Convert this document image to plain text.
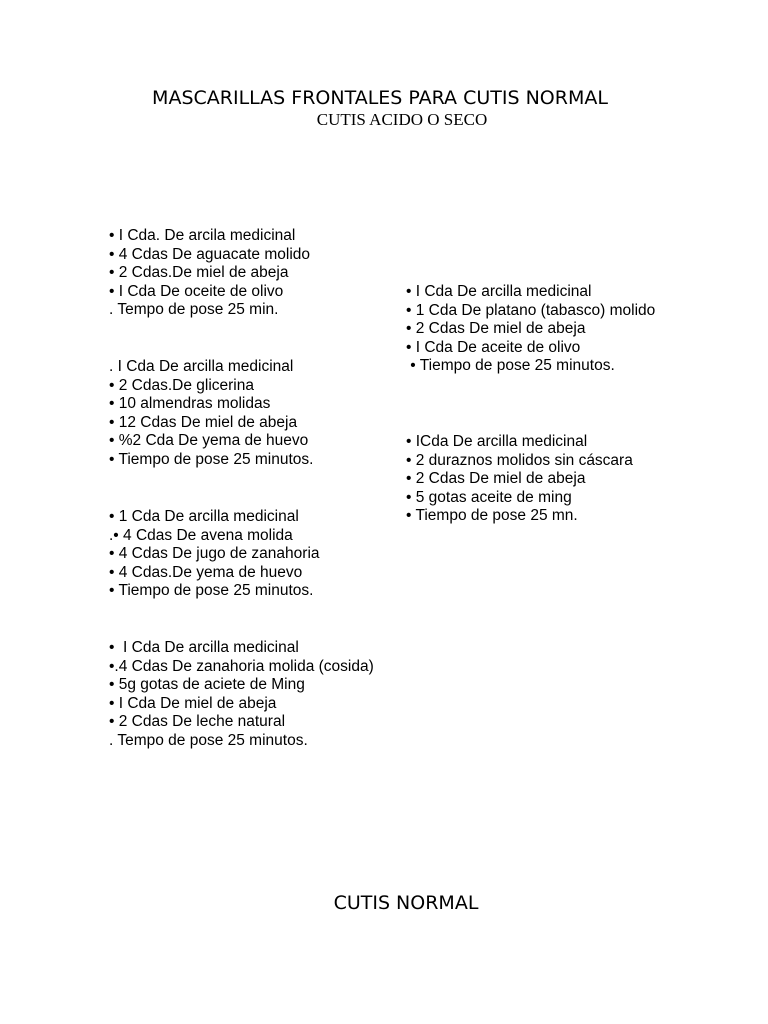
MASCARILLAS FRONTALES PARA CUTIS NORMAL
CUTIS ACIDO O SECO
• I Cda. De arcila medicinal
• 4 Cdas De aguacate molido
• 2 Cdas.De miel de abeja
• I Cda De oceite de olivo
. Tempo de pose 25 min.
. I Cda De arcilla medicinal
• 2 Cdas.De glicerina
• 10 almendras molidas
• 12 Cdas De miel de abeja
• %2 Cda De yema de huevo
• Tiempo de pose 25 minutos.
• 1 Cda De arcilla medicinal
.• 4 Cdas De avena molida
• 4 Cdas De jugo de zanahoria
• 4 Cdas.De yema de huevo
• Tiempo de pose 25 minutos.
•  I Cda De arcilla medicinal
•.4 Cdas De zanahoria molida (cosida)
• 5g gotas de aciete de Ming
• I Cda De miel de abeja
• 2 Cdas De leche natural
. Tempo de pose 25 minutos.
• I Cda De arcilla medicinal
• 1 Cda De platano (tabasco) molido
• 2 Cdas De miel de abeja
• I Cda De aceite de olivo
• Tiempo de pose 25 minutos.
• ICda De arcilla medicinal
• 2 duraznos molidos sin cáscara
• 2 Cdas De miel de abeja
• 5 gotas aceite de ming
• Tiempo de pose 25 mn.
CUTIS NORMAL
